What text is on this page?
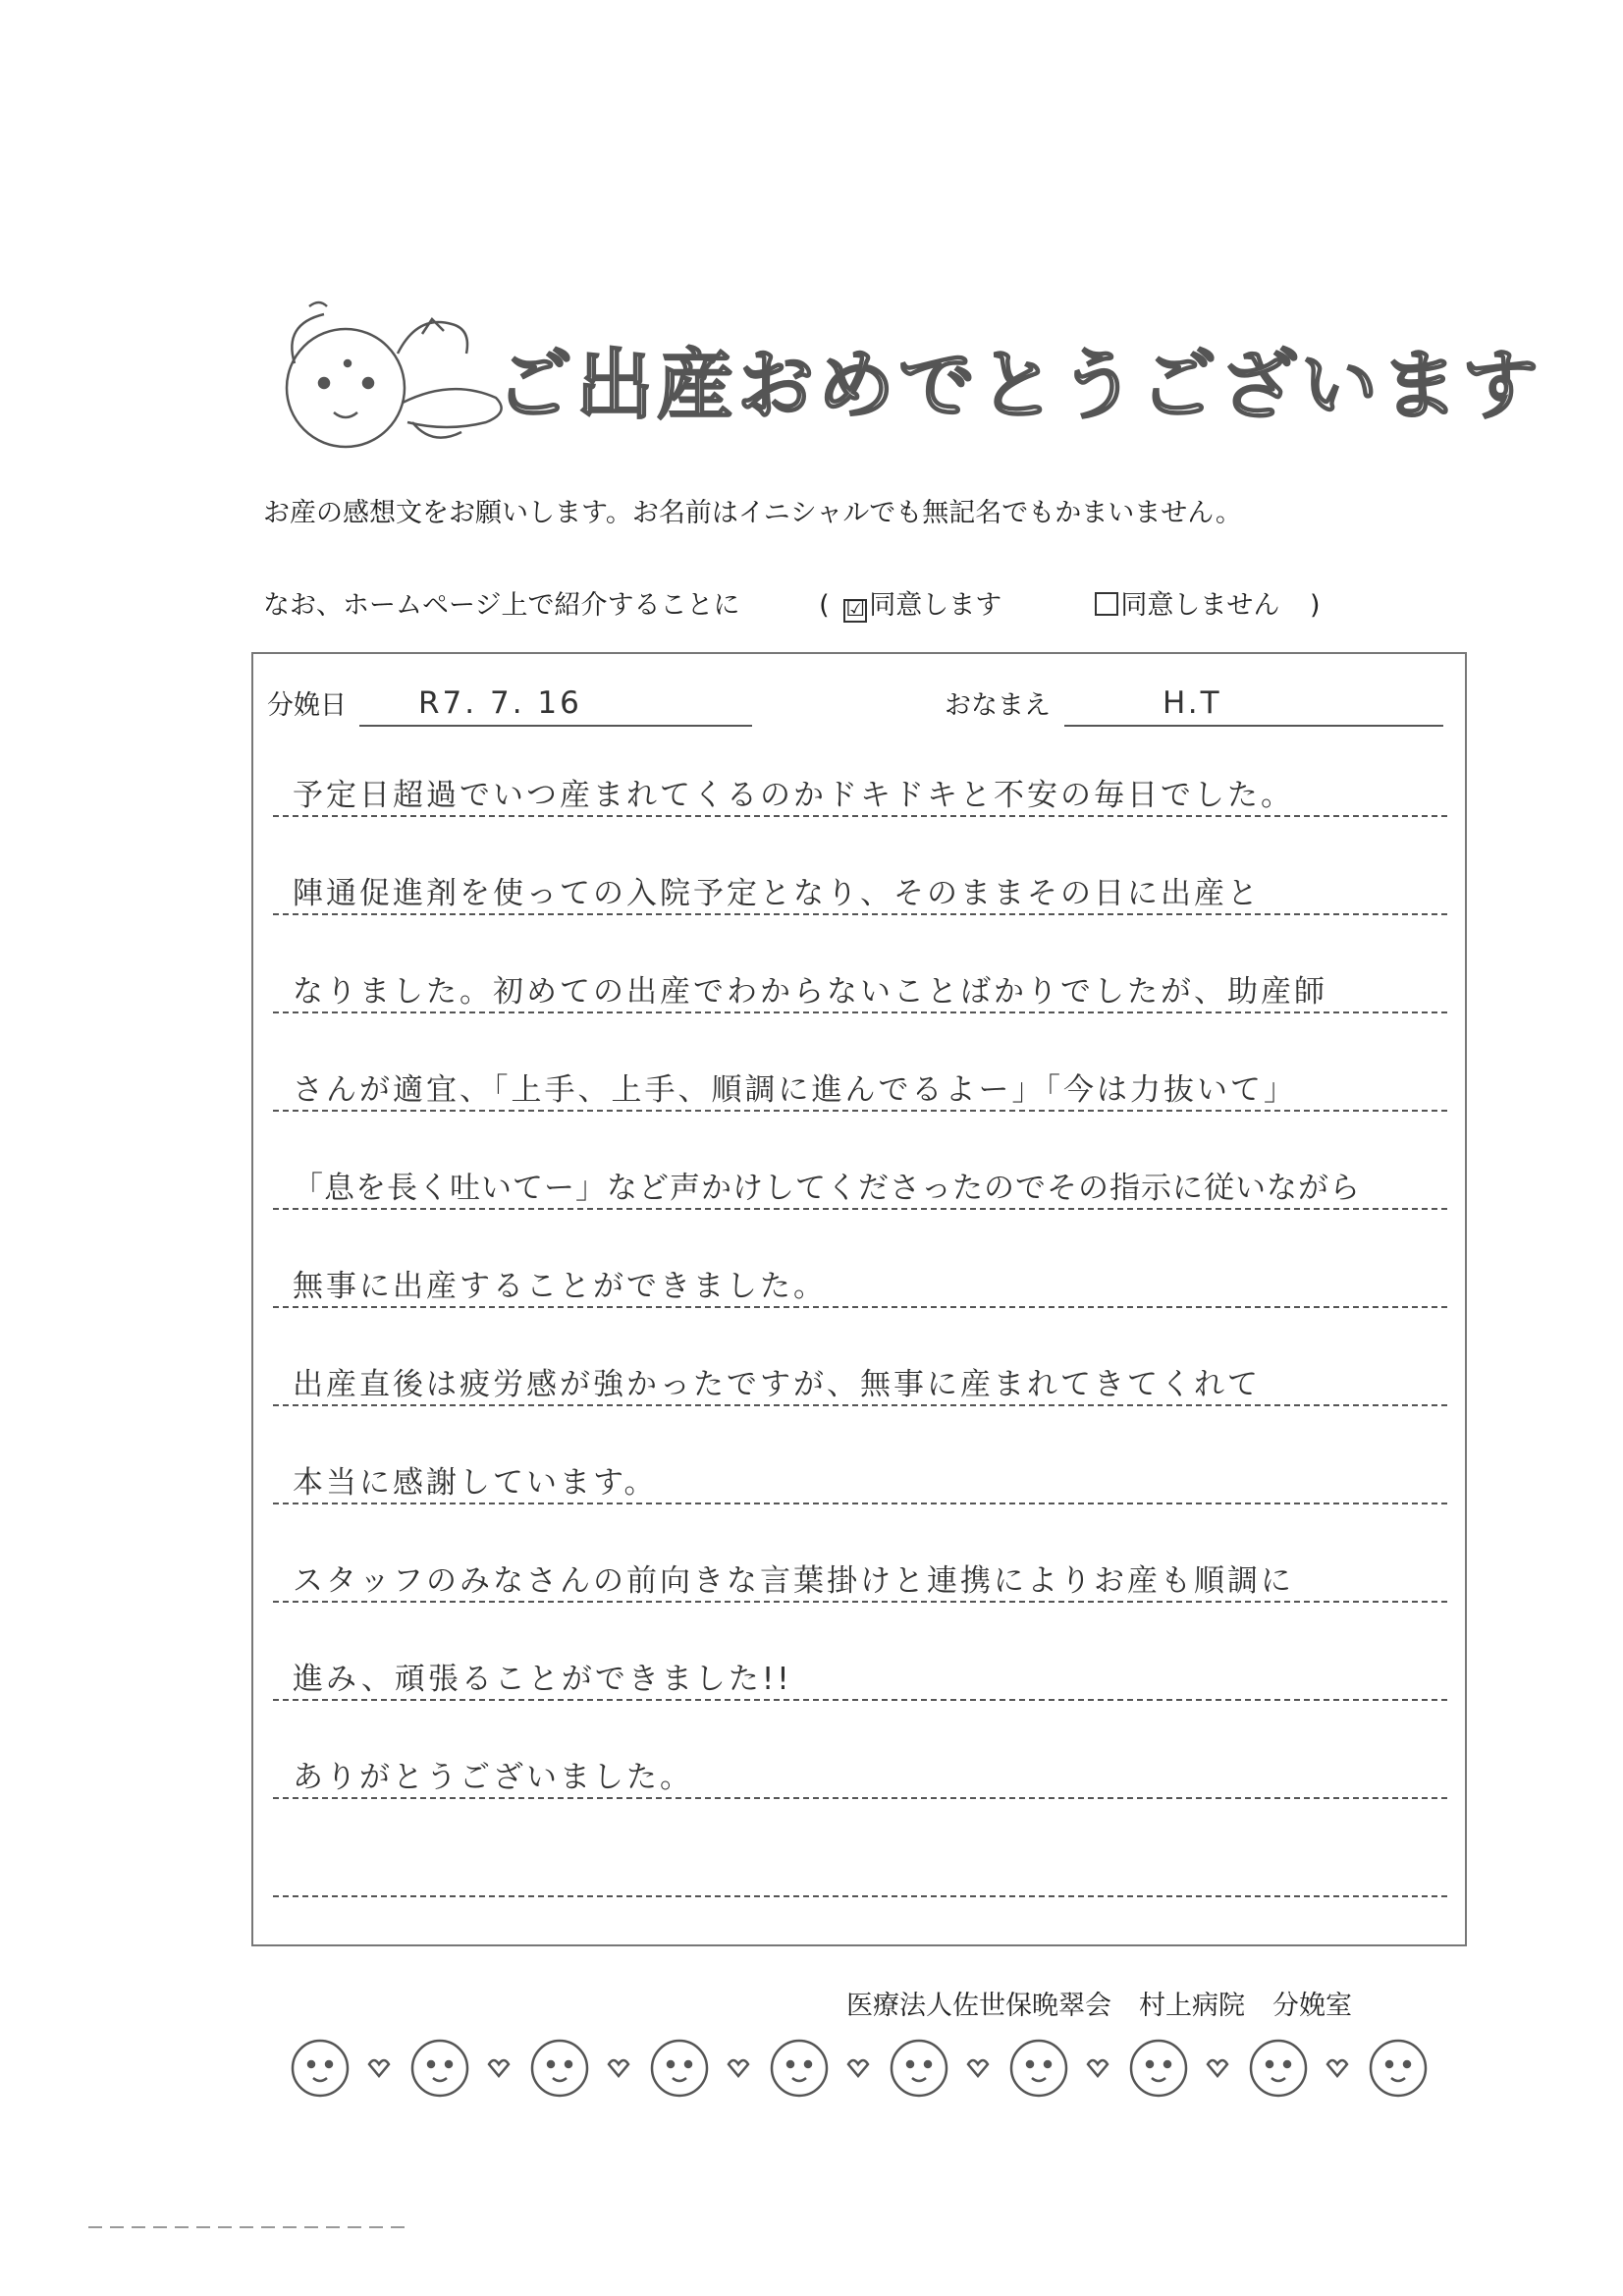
ご出産おめでとうございます
お産の感想文をお願いします。お名前はイニシャルでも無記名でもかまいません。
なお、ホームページ上で紹介することに	( ☑ 同意します	同意しません )
分娩日 R7. 7. 16	おなまえ	H.T
予定日超過でいつ産まれてくるのかドキドキと不安の毎日でした。
陣通促進剤を使っての入院予定となり、そのままその日に出産と
なりました。初めての出産でわからないことばかりでしたが、助産師
さんが適宜、「上手、上手、順調に進んでるよー」「今は力抜いて」
「息を長く吐いてー」など声かけしてくださったのでその指示に従いながら
無事に出産することができました。
出産直後は疲労感が強かったですが、無事に産まれてきてくれて
本当に感謝しています。
スタッフのみなさんの前向きな言葉掛けと連携によりお産も順調に
進み、頑張ることができました!!
ありがとうございました。
医療法人佐世保晩翠会 村上病院 分娩室
